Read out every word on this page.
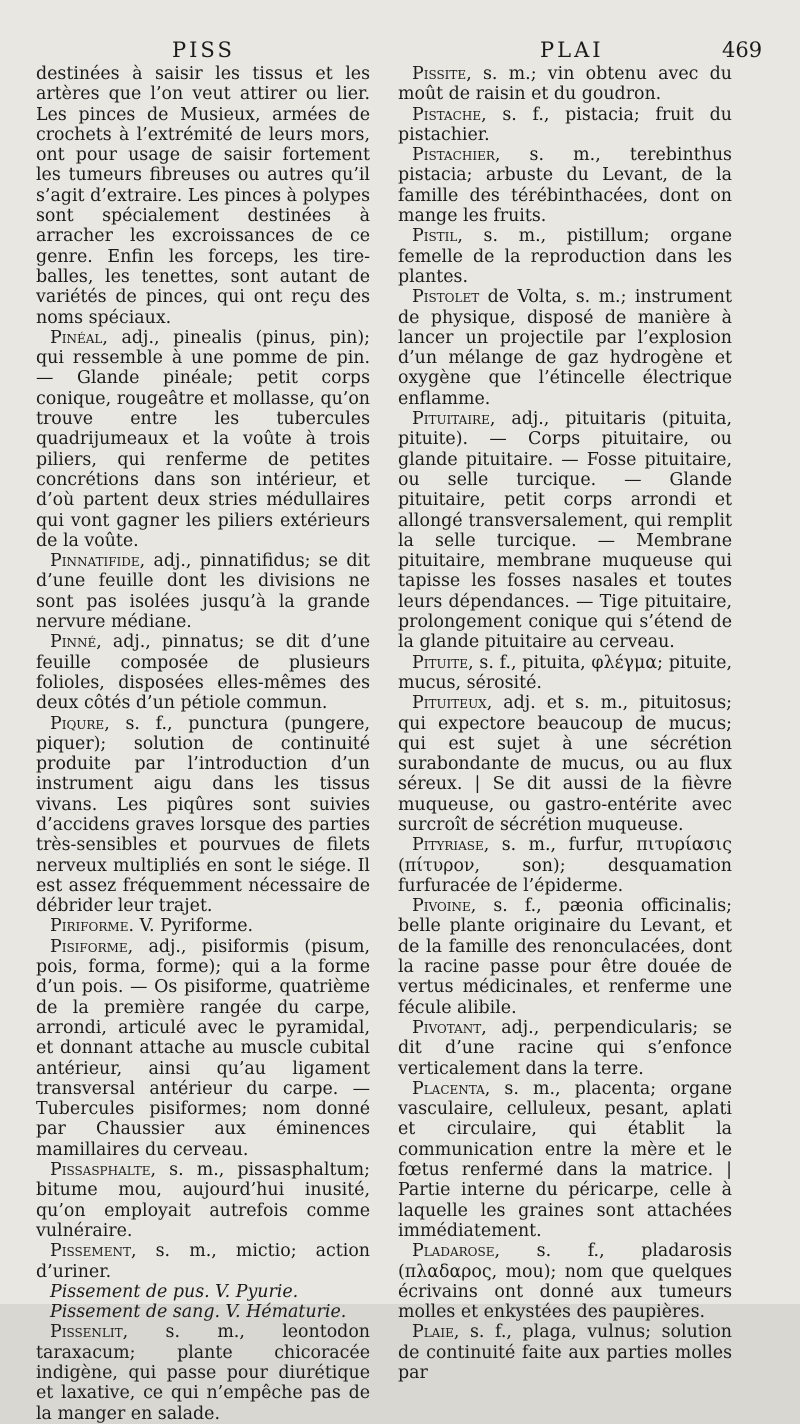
PISS	PLAI	469

destinées à saisir les tissus et les artères que l’on veut attirer ou lier. Les pinces de Musieux, armées de crochets à l’extrémité de leurs mors, ont pour usage de saisir fortement les tumeurs fibreuses ou autres qu’il s’agit d’extraire. Les pinces à polypes sont spécialement destinées à arracher les excroissances de ce genre. Enfin les forceps, les tire-balles, les tenettes, sont autant de variétés de pinces, qui ont reçu des noms spéciaux.

Pinéal, adj., pinealis (pinus, pin); qui ressemble à une pomme de pin. — Glande pinéale; petit corps conique, rougeâtre et mollasse, qu’on trouve entre les tubercules quadrijumeaux et la voûte à trois piliers, qui renferme de petites concrétions dans son intérieur, et d’où partent deux stries médullaires qui vont gagner les piliers extérieurs de la voûte.

Pinnatifide, adj., pinnatifidus; se dit d’une feuille dont les divisions ne sont pas isolées jusqu’à la grande nervure médiane.

Pinné, adj., pinnatus; se dit d’une feuille composée de plusieurs folioles, disposées elles-mêmes des deux côtés d’un pétiole commun.

Piqure, s. f., punctura (pungere, piquer); solution de continuité produite par l’introduction d’un instrument aigu dans les tissus vivans. Les piqûres sont suivies d’accidens graves lorsque des parties très-sensibles et pourvues de filets nerveux multipliés en sont le siége. Il est assez fréquemment nécessaire de débrider leur trajet.

Piriforme. V. Pyriforme.

Pisiforme, adj., pisiformis (pisum, pois, forma, forme); qui a la forme d’un pois. — Os pisiforme, quatrième de la première rangée du carpe, arrondi, articulé avec le pyramidal, et donnant attache au muscle cubital antérieur, ainsi qu’au ligament transversal antérieur du carpe. — Tubercules pisiformes; nom donné par Chaussier aux éminences mamillaires du cerveau.

Pissasphalte, s. m., pissasphaltum; bitume mou, aujourd’hui inusité, qu’on employait autrefois comme vulnéraire.

Pissement, s. m., mictio; action d’uriner.

Pissement de pus. V. Pyurie.

Pissement de sang. V. Hématurie.

Pissenlit, s. m., leontodon taraxacum; plante chicoracée indigène, qui passe pour diurétique et laxative, ce qui n’empêche pas de la manger en salade.

Pissite, s. m.; vin obtenu avec du moût de raisin et du goudron.

Pistache, s. f., pistacia; fruit du pistachier.

Pistachier, s. m., terebinthus pistacia; arbuste du Levant, de la famille des térébinthacées, dont on mange les fruits.

Pistil, s. m., pistillum; organe femelle de la reproduction dans les plantes.

Pistolet de Volta, s. m.; instrument de physique, disposé de manière à lancer un projectile par l’explosion d’un mélange de gaz hydrogène et oxygène que l’étincelle électrique enflamme.

Pituitaire, adj., pituitaris (pituita, pituite). — Corps pituitaire, ou glande pituitaire. — Fosse pituitaire, ou selle turcique. — Glande pituitaire, petit corps arrondi et allongé transversalement, qui remplit la selle turcique. — Membrane pituitaire, membrane muqueuse qui tapisse les fosses nasales et toutes leurs dépendances. — Tige pituitaire, prolongement conique qui s’étend de la glande pituitaire au cerveau.

Pituite, s. f., pituita, φλέγμα; pituite, mucus, sérosité.

Pituiteux, adj. et s. m., pituitosus; qui expectore beaucoup de mucus; qui est sujet à une sécrétion surabondante de mucus, ou au flux séreux. | Se dit aussi de la fièvre muqueuse, ou gastro-entérite avec surcroît de sécrétion muqueuse.

Pityriase, s. m., furfur, πιτυρίασις (πίτυρον, son); desquamation furfuracée de l’épiderme.

Pivoine, s. f., pæonia officinalis; belle plante originaire du Levant, et de la famille des renonculacées, dont la racine passe pour être douée de vertus médicinales, et renferme une fécule alibile.

Pivotant, adj., perpendicularis; se dit d’une racine qui s’enfonce verticalement dans la terre.

Placenta, s. m., placenta; organe vasculaire, celluleux, pesant, aplati et circulaire, qui établit la communication entre la mère et le fœtus renfermé dans la matrice. | Partie interne du péricarpe, celle à laquelle les graines sont attachées immédiatement.

Pladarose, s. f., pladarosis (πλαδαρος, mou); nom que quelques écrivains ont donné aux tumeurs molles et enkystées des paupières.

Plaie, s. f., plaga, vulnus; solution de continuité faite aux parties molles par
